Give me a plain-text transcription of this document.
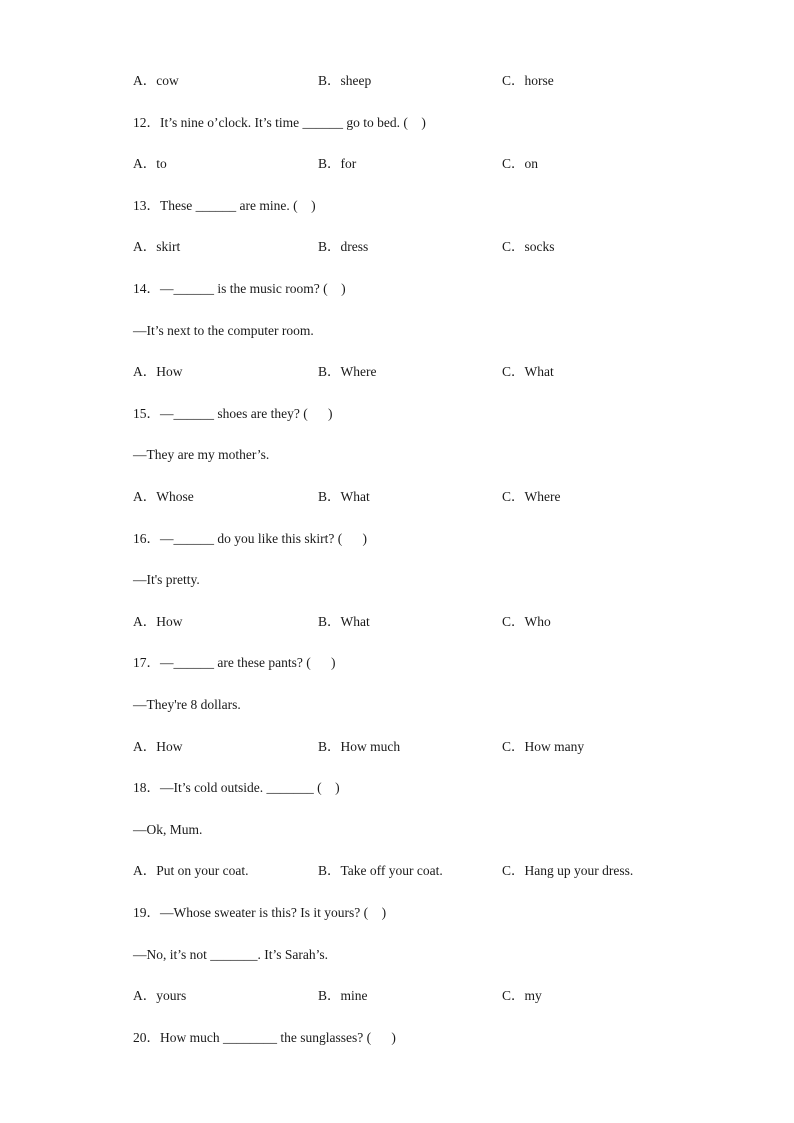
A．cow	B．sheep	C．horse
12．It’s nine o’clock. It’s time ______ go to bed. (    )
A．to	B．for	C．on
13．These ______ are mine. (    )
A．skirt	B．dress	C．socks
14．—______ is the music room? (    )
—It’s next to the computer room.
A．How	B．Where	C．What
15．—______ shoes are they? (      )
—They are my mother’s.
A．Whose	B．What	C．Where
16．—______ do you like this skirt? (      )
—It's pretty.
A．How	B．What	C．Who
17．—______ are these pants? (      )
—They're 8 dollars.
A．How	B．How much	C．How many
18．—It’s cold outside. _______ (    )
—Ok, Mum.
A．Put on your coat.	B．Take off your coat.	C．Hang up your dress.
19．—Whose sweater is this? Is it yours? (    )
—No, it’s not _______. It’s Sarah’s.
A．yours	B．mine	C．my
20．How much ________ the sunglasses? (      )
